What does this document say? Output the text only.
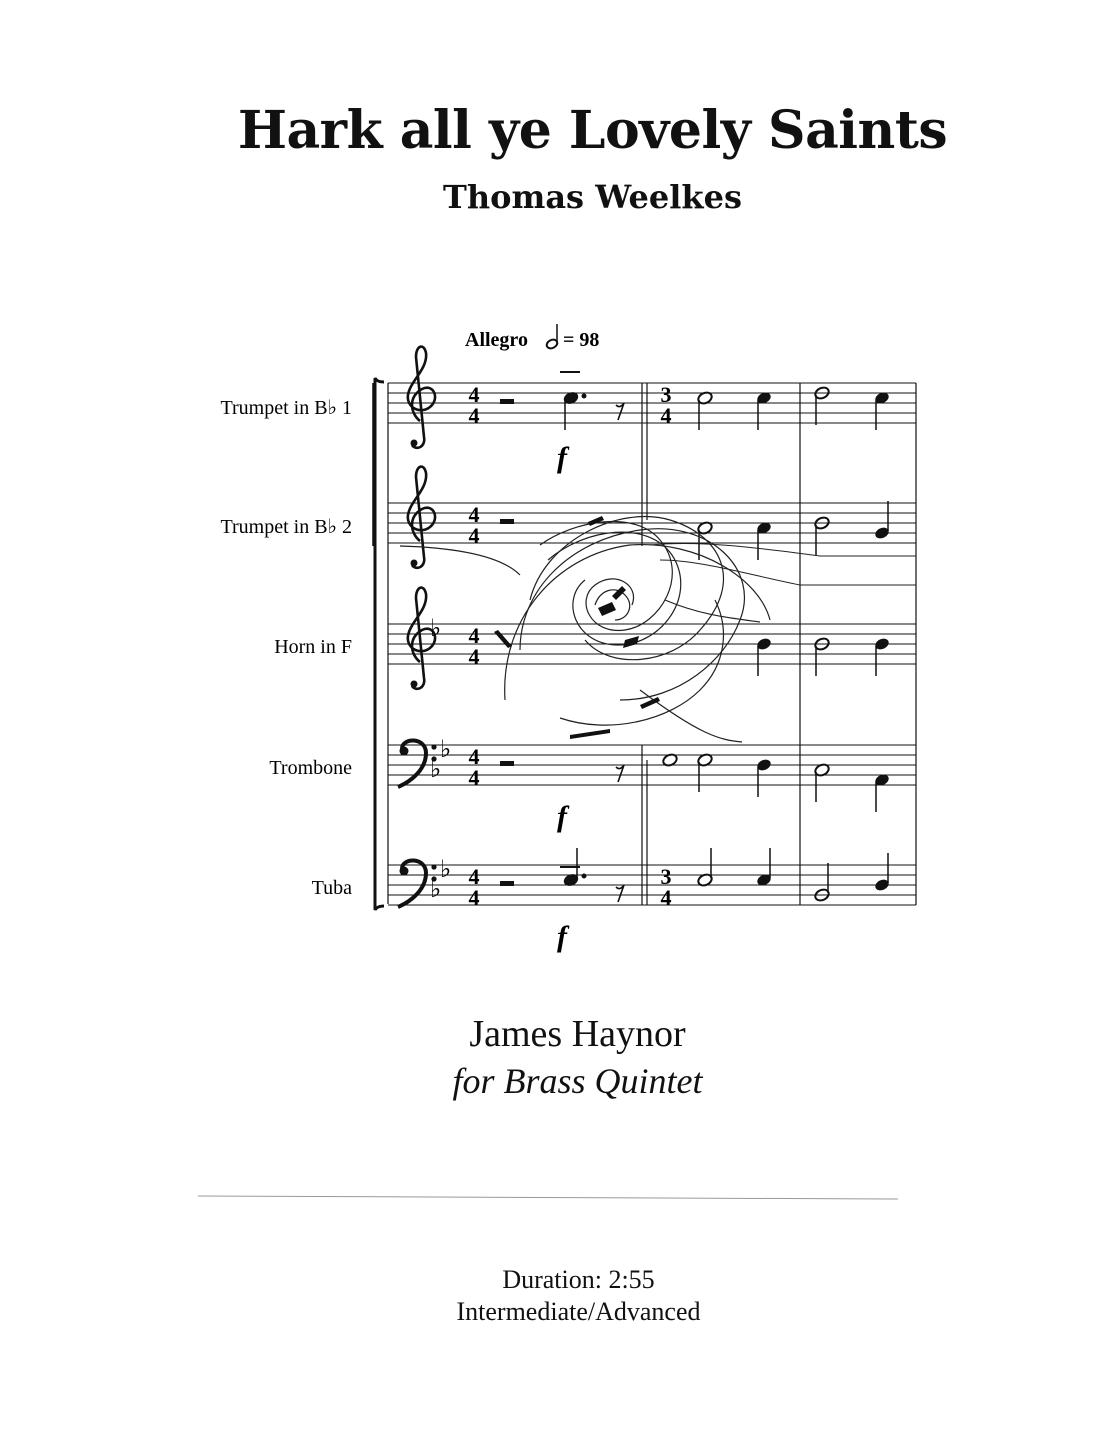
Hark all ye Lovely Saints
Thomas Weelkes
Allegro = 98
Trumpet in B♭ 1
Trumpet in B♭ 2
Horn in F
Trombone
Tuba
♭
♭
♭
♭
♭
4
4
4
4
4
4
4
4
4
4
f
f
f
3
4
3
4
James Haynor
for Brass Quintet
Duration: 2:55
Intermediate/Advanced
